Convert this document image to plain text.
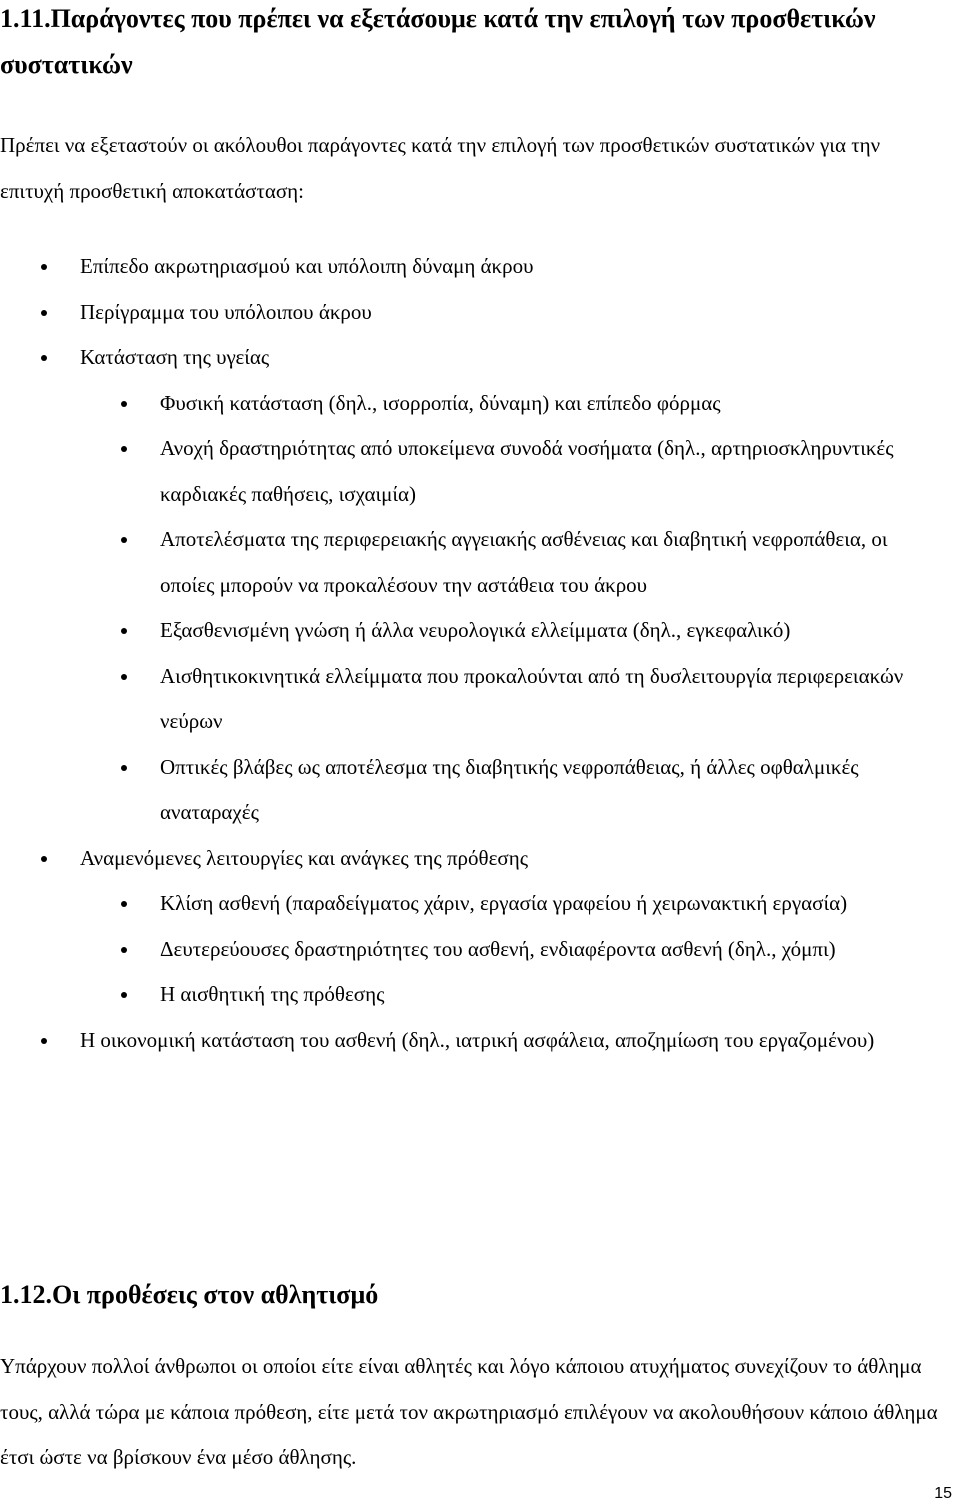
1.11.Παράγοντες που πρέπει να εξετάσουμε κατά την επιλογή των προσθετικών συστατικών

Πρέπει να εξεταστούν οι ακόλουθοι παράγοντες κατά την επιλογή των προσθετικών συστατικών για την επιτυχή προσθετική αποκατάσταση:

Επίπεδο ακρωτηριασμού και υπόλοιπη δύναμη άκρου
Περίγραμμα του υπόλοιπου άκρου
Κατάσταση της υγείας
Φυσική κατάσταση (δηλ., ισορροπία, δύναμη) και επίπεδο φόρμας
Ανοχή δραστηριότητας από υποκείμενα συνοδά νοσήματα (δηλ., αρτηριοσκληρυντικές καρδιακές παθήσεις, ισχαιμία)
Αποτελέσματα της περιφερειακής αγγειακής ασθένειας και διαβητική νεφροπάθεια, οι οποίες μπορούν να προκαλέσουν την αστάθεια του άκρου
Εξασθενισμένη γνώση ή άλλα νευρολογικά ελλείμματα (δηλ., εγκεφαλικό)
Αισθητικοκινητικά ελλείμματα που προκαλούνται από τη δυσλειτουργία περιφερειακών νεύρων
Οπτικές βλάβες ως αποτέλεσμα της διαβητικής νεφροπάθειας, ή άλλες οφθαλμικές αναταραχές
Αναμενόμενες λειτουργίες και ανάγκες της πρόθεσης
Κλίση ασθενή (παραδείγματος χάριν, εργασία γραφείου ή χειρωνακτική εργασία)
Δευτερεύουσες δραστηριότητες του ασθενή, ενδιαφέροντα ασθενή (δηλ., χόμπι)
Η αισθητική της πρόθεσης
Η οικονομική κατάσταση του ασθενή (δηλ., ιατρική ασφάλεια, αποζημίωση του εργαζομένου)
1.12.Οι προθέσεις στον αθλητισμό

Υπάρχουν πολλοί άνθρωποι οι οποίοι είτε είναι αθλητές και λόγο κάποιου ατυχήματος συνεχίζουν το άθλημα τους, αλλά τώρα με κάποια πρόθεση, είτε μετά τον ακρωτηριασμό επιλέγουν να ακολουθήσουν κάποιο άθλημα έτσι ώστε να βρίσκουν ένα μέσο άθλησης.

15
